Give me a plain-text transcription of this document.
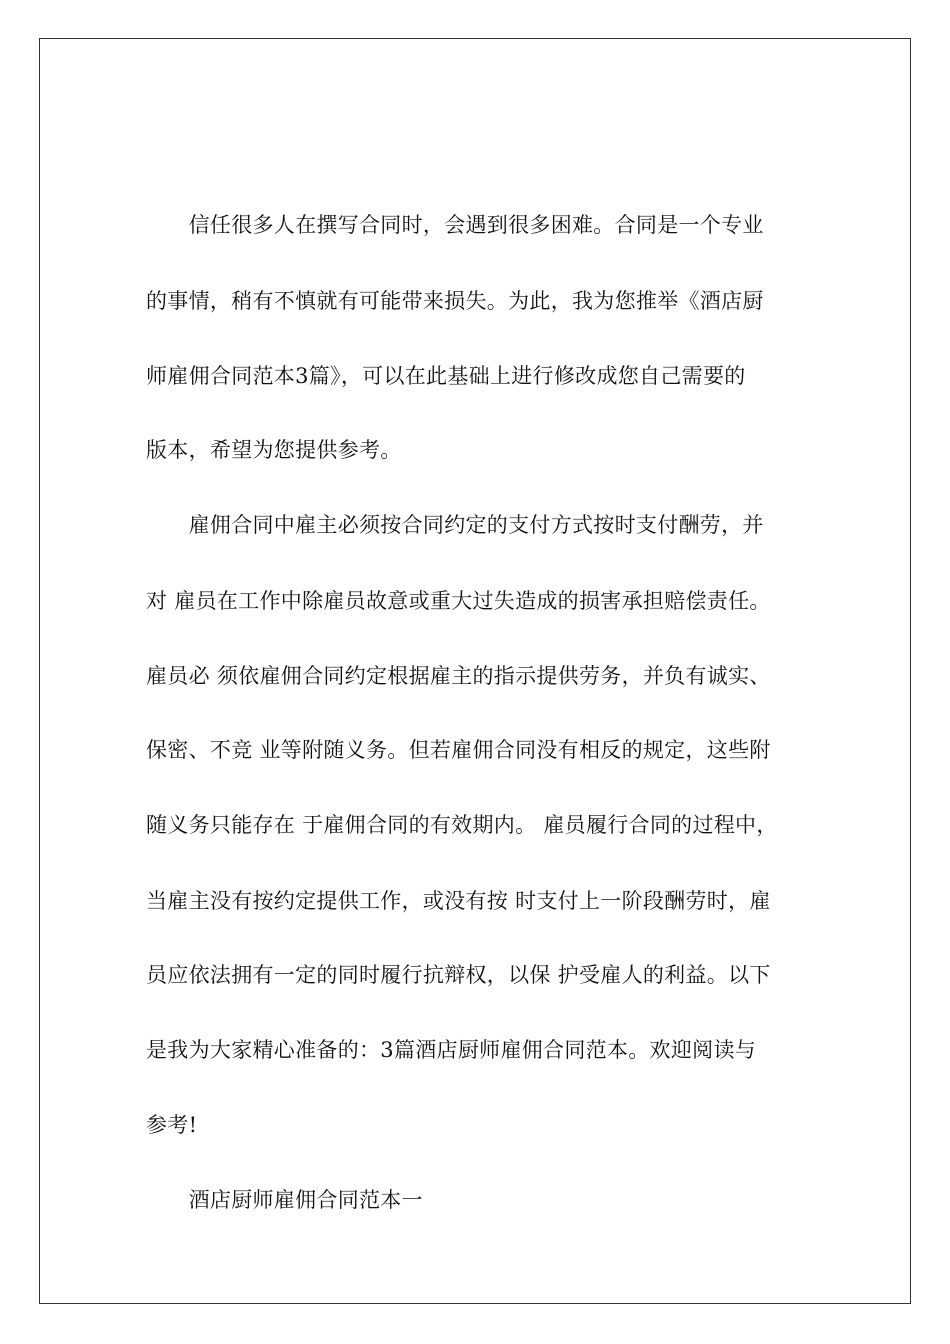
　　信任很多人在撰写合同时，会遇到很多困难。合同是一个专业
的事情，稍有不慎就有可能带来损失。为此，我为您推举《酒店厨
师雇佣合同范本3篇》，可以在此基础上进行修改成您自己需要的
版本，希望为您提供参考。
　　雇佣合同中雇主必须按合同约定的支付方式按时支付酬劳，并
对 雇员在工作中除雇员故意或重大过失造成的损害承担赔偿责任。
雇员必 须依雇佣合同约定根据雇主的指示提供劳务，并负有诚实、
保密、不竞 业等附随义务。但若雇佣合同没有相反的规定，这些附
随义务只能存在 于雇佣合同的有效期内。 雇员履行合同的过程中，
当雇主没有按约定提供工作，或没有按 时支付上一阶段酬劳时，雇
员应依法拥有一定的同时履行抗辩权，以保 护受雇人的利益。以下
是我为大家精心准备的：3篇酒店厨师雇佣合同范本。欢迎阅读与
参考!
　　酒店厨师雇佣合同范本一
